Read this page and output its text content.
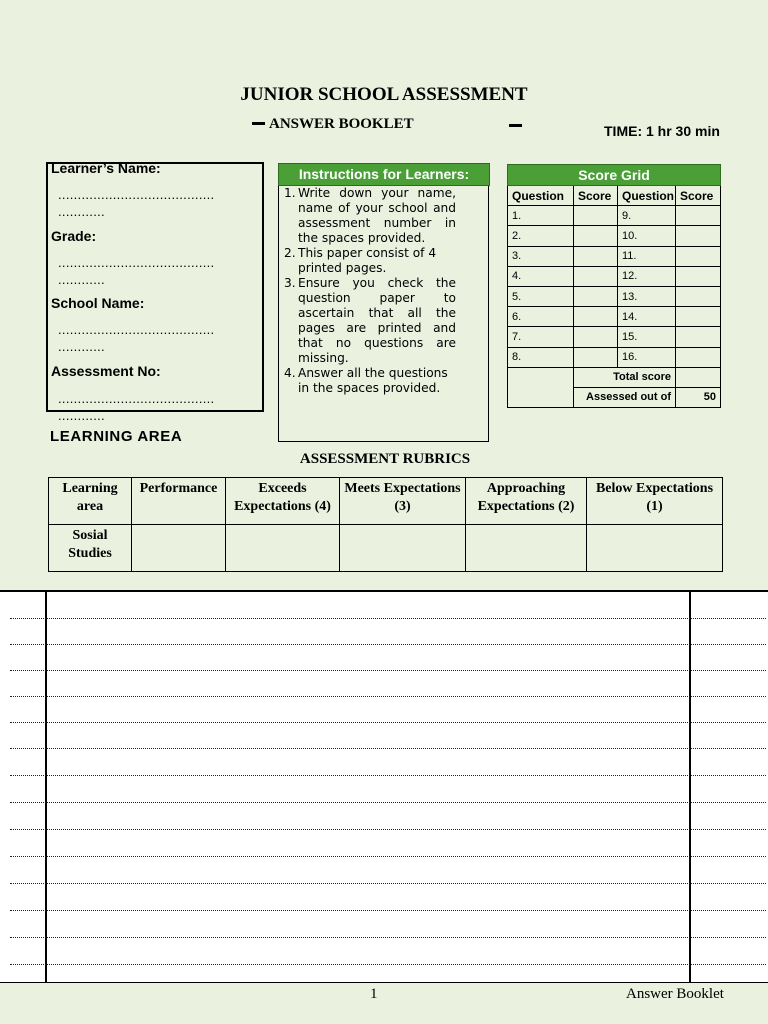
JUNIOR SCHOOL ASSESSMENT
ANSWER BOOKLET	TIME: 1 hr 30 min
Learner’s Name:
........................................
............
Grade:
........................................
............
School Name:
........................................
............
Assessment No:
........................................
............
LEARNING AREA
Instructions for Learners:
1. Write down your name, name of your school and assessment number in the spaces provided.
2. This paper consist of 4 printed pages.
3. Ensure you check the question paper to ascertain that all the pages are printed and that no questions are missing.
4. Answer all the questions in the spaces provided.
Score Grid			
Question	Score	Question	Score
1.		9.	
2.		10.	
3.		11.	
4.		12.	
5.		13.	
6.		14.	
7.		15.	
8.		16.	
	Total score		
	Assessed out of		50
ASSESSMENT RUBRICS
Learning area	Performance	Exceeds Expectations (4)	Meets Expectations (3)	Approaching Expectations (2)	Below Expectations (1)
Sosial Studies					
1	Answer Booklet
